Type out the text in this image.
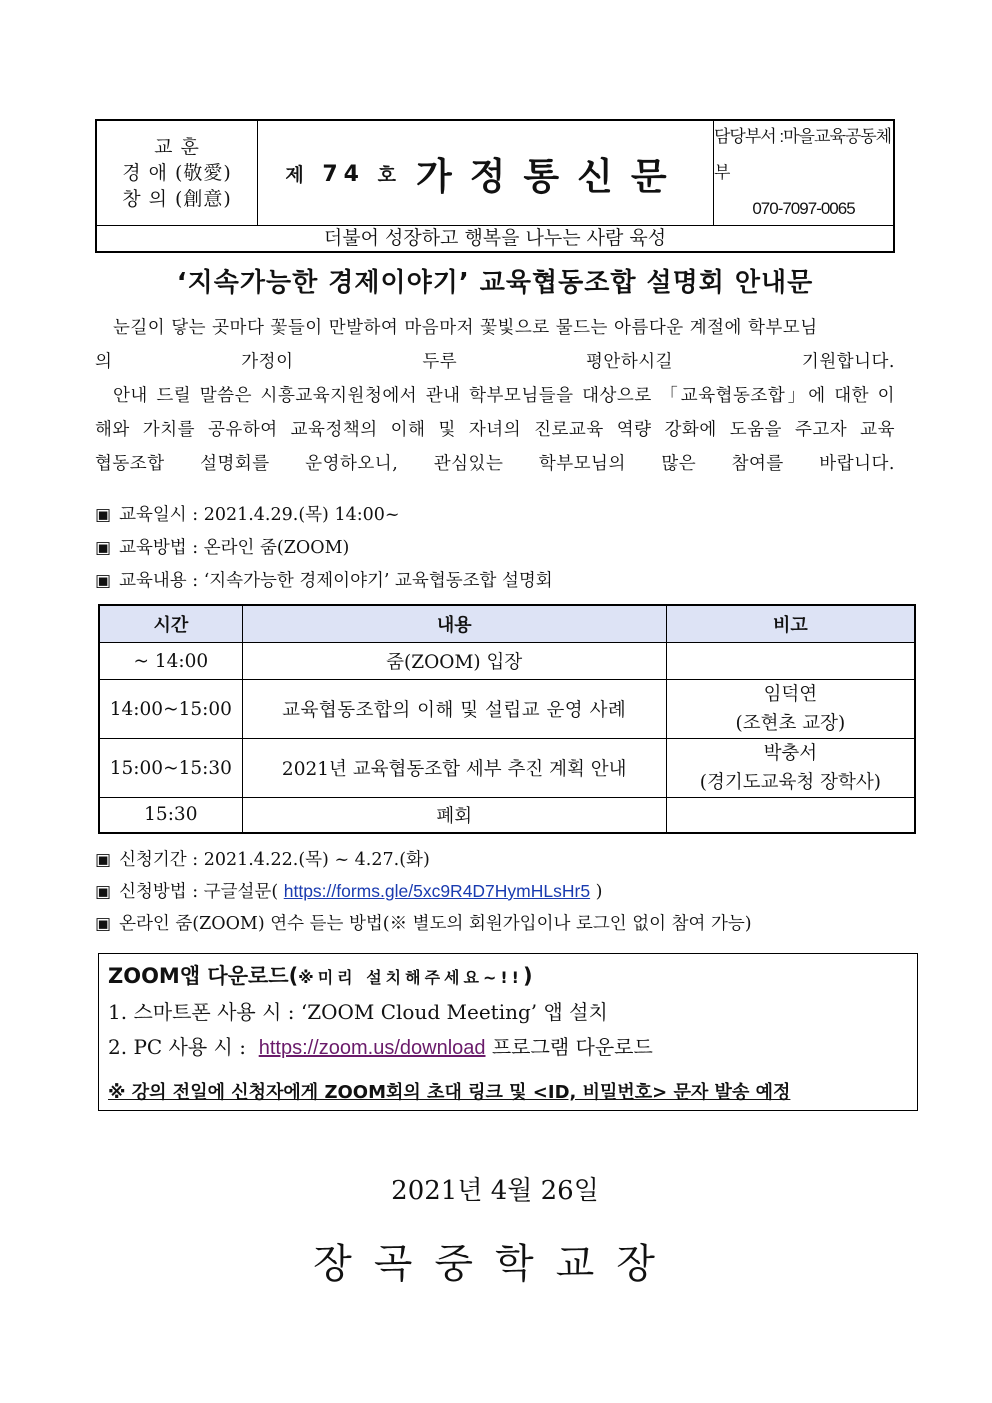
교 훈
경 애 (敬愛)
창 의 (創意)
제 74 호 가정통신문
담당부서 :마을교육공동체부
070-7097-0065
더불어 성장하고 행복을 나누는 사람 육성
‘지속가능한 경제이야기’ 교육협동조합 설명회 안내문
눈길이 닿는 곳마다 꽃들이 만발하여 마음마저 꽃빛으로 물드는 아름다운 계절에 학부모님
의 가정이 두루 평안하시길 기원합니다.
안내 드릴 말씀은 시흥교육지원청에서 관내 학부모님들을 대상으로 「교육협동조합」에 대한 이
해와 가치를 공유하여 교육정책의 이해 및 자녀의 진로교육 역량 강화에 도움을 주고자 교육
협동조합 설명회를 운영하오니, 관심있는 학부모님의 많은 참여를 바랍니다.
▣ 교육일시 : 2021.4.29.(목) 14:00~
▣ 교육방법 : 온라인 줌(ZOOM)
▣ 교육내용 : ‘지속가능한 경제이야기’ 교육협동조합 설명회
시간	내용	비고
~ 14:00	줌(ZOOM) 입장	
14:00~15:00	교육협동조합의 이해 및 설립교 운영 사례	임덕연
(조현초 교장)

15:00~15:30	2021년 교육협동조합 세부 추진 계획 안내	박충서
(경기도교육청 장학사)

15:30	폐회	
▣ 신청기간 : 2021.4.22.(목) ~ 4.27.(화)
▣ 신청방법 : 구글설문( https://forms.gle/5xc9R4D7HymHLsHr5 )
▣ 온라인 줌(ZOOM) 연수 듣는 방법(※ 별도의 회원가입이나 로그인 없이 참여 가능)
ZOOM앱 다운로드(※미리 설치해주세요~!!)
1. 스마트폰 사용 시 : ‘ZOOM Cloud Meeting’ 앱 설치
2. PC 사용 시 : https://zoom.us/download 프로그램 다운로드
※ 강의 전일에 신청자에게 ZOOM회의 초대 링크 및 <ID, 비밀번호> 문자 발송 예정
2021년 4월 26일
장곡중학교장
